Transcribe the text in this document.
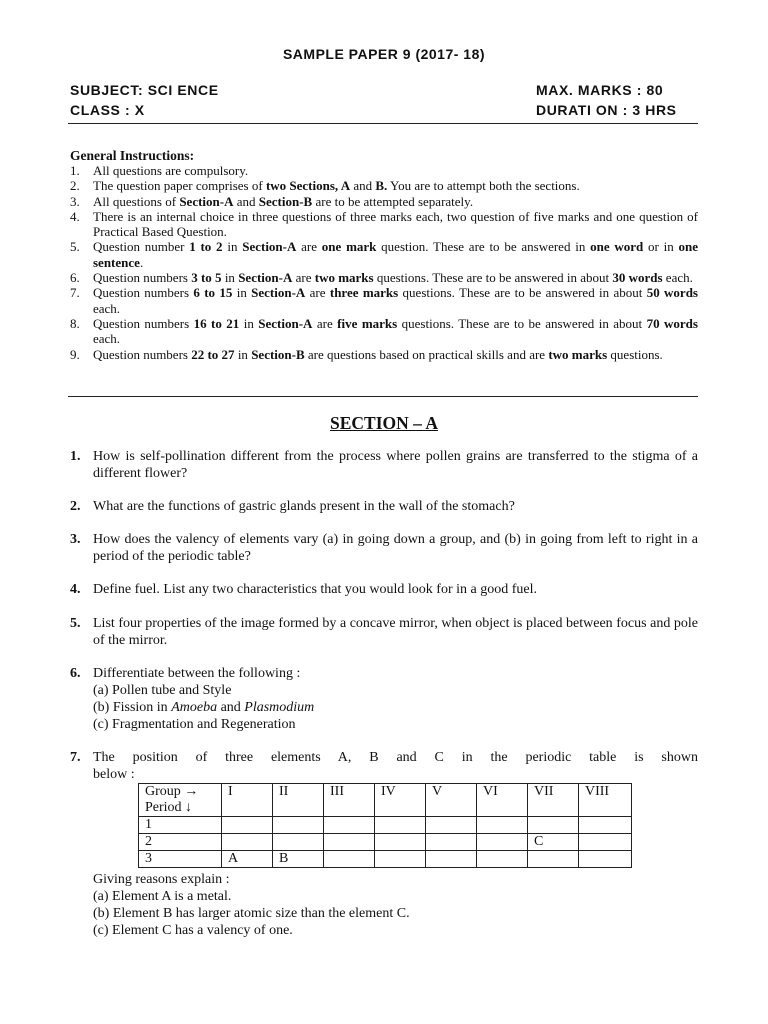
SAMPLE PAPER 9 (2017- 18)
SUBJECT: SCI ENCE	MAX. MARKS : 80
CLASS : X	DURATI ON : 3 HRS
General Instructions:
1.	All questions are compulsory.
2.	The question paper comprises of two Sections, A and B. You are to attempt both the sections.
3.	All questions of Section-A and Section-B are to be attempted separately.
4.	There is an internal choice in three questions of three marks each, two question of five marks and one question of Practical Based Question.
5.	Question number 1 to 2 in Section-A are one mark question. These are to be answered in one word or in one sentence.
6.	Question numbers 3 to 5 in Section-A are two marks questions. These are to be answered in about 30 words each.
7.	Question numbers 6 to 15 in Section-A are three marks questions. These are to be answered in about 50 words each.
8.	Question numbers 16 to 21 in Section-A are five marks questions. These are to be answered in about 70 words each.
9.	Question numbers 22 to 27 in Section-B are questions based on practical skills and are two marks questions.
SECTION – A
1. How is self-pollination different from the process where pollen grains are transferred to the stigma of a different flower?
2. What are the functions of gastric glands present in the wall of the stomach?
3. How does the valency of elements vary (a) in going down a group, and (b) in going from left to right in a period of the periodic table?
4. Define fuel. List any two characteristics that you would look for in a good fuel.
5. List four properties of the image formed by a concave mirror, when object is placed between focus and pole of the mirror.
6. Differentiate between the following :
(a) Pollen tube and Style
(b) Fission in Amoeba and Plasmodium
(c) Fragmentation and Regeneration
7. The position of three elements A, B and C in the periodic table is shown
below :
Group →
Period ↓	I	II	III	IV	V	VI	VII	VIII
1								
2							C	
3	A	B						
Giving reasons explain :
(a) Element A is a metal.
(b) Element B has larger atomic size than the element C.
(c) Element C has a valency of one.
